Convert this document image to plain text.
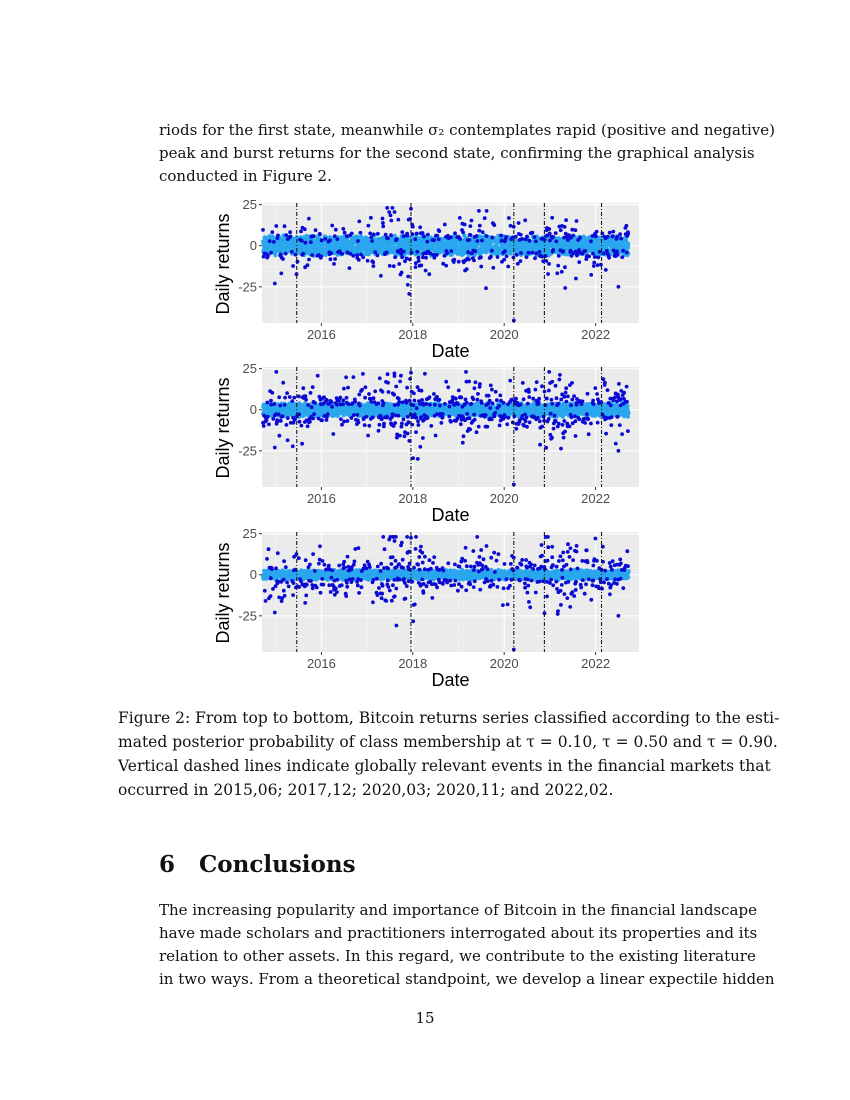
riods for the first state, meanwhile σ₂ contemplates rapid (positive and negative)
peak and burst returns for the second state, confirming the graphical analysis
conducted in Figure 2.
25
0
-25
2016	2018	2020	2022
Date
Daily returns
25
0
-25
2016	2018	2020	2022
Date
Daily returns
25
0
-25
2016	2018	2020	2022
Date
Daily returns
Figure 2: From top to bottom, Bitcoin returns series classified according to the esti-
mated posterior probability of class membership at τ = 0.10, τ = 0.50 and τ = 0.90.
Vertical dashed lines indicate globally relevant events in the financial markets that
occurred in 2015,06; 2017,12; 2020,03; 2020,11; and 2022,02.
6 Conclusions
The increasing popularity and importance of Bitcoin in the financial landscape
have made scholars and practitioners interrogated about its properties and its
relation to other assets. In this regard, we contribute to the existing literature
in two ways. From a theoretical standpoint, we develop a linear expectile hidden
15
